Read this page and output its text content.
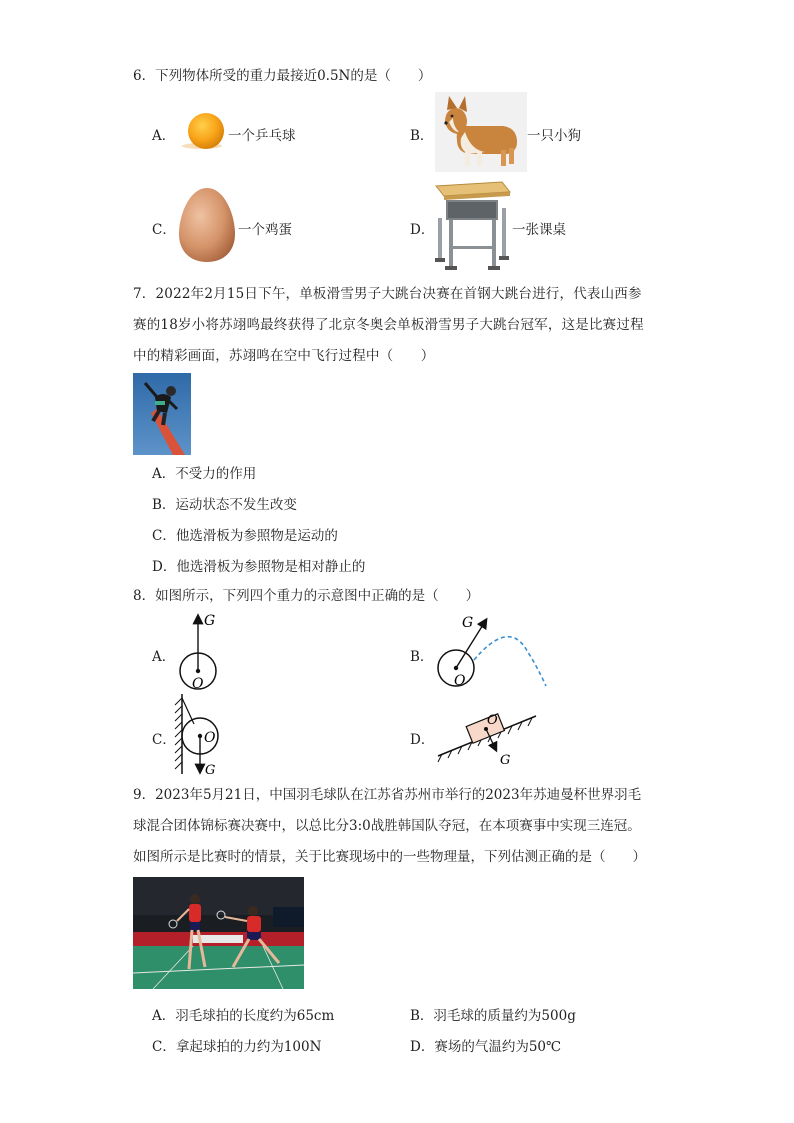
6．下列物体所受的重力最接近0.5N的是（　　）
A．	一个乒乓球	B．	一只小狗
C．	一个鸡蛋	D．	一张课桌
7．2022年2月15日下午，单板滑雪男子大跳台决赛在首钢大跳台进行，代表山西参
赛的18岁小将苏翊鸣最终获得了北京冬奥会单板滑雪男子大跳台冠军，这是比赛过程
中的精彩画面，苏翊鸣在空中飞行过程中（　　）
A．不受力的作用
B．运动状态不发生改变
C．他选滑板为参照物是运动的
D．他选滑板为参照物是相对静止的
8．如图所示，下列四个重力的示意图中正确的是（　　）
A．
G
O
B．
G
O
C． O
G
D．
O
G
9．2023年5月21日，中国羽毛球队在江苏省苏州市举行的2023年苏迪曼杯世界羽毛
球混合团体锦标赛决赛中，以总比分3:0战胜韩国队夺冠，在本项赛事中实现三连冠。
如图所示是比赛时的情景，关于比赛现场中的一些物理量，下列估测正确的是（　　）
A．羽毛球拍的长度约为65cm	B．羽毛球的质量约为500g
C．拿起球拍的力约为100N	D．赛场的气温约为50℃
